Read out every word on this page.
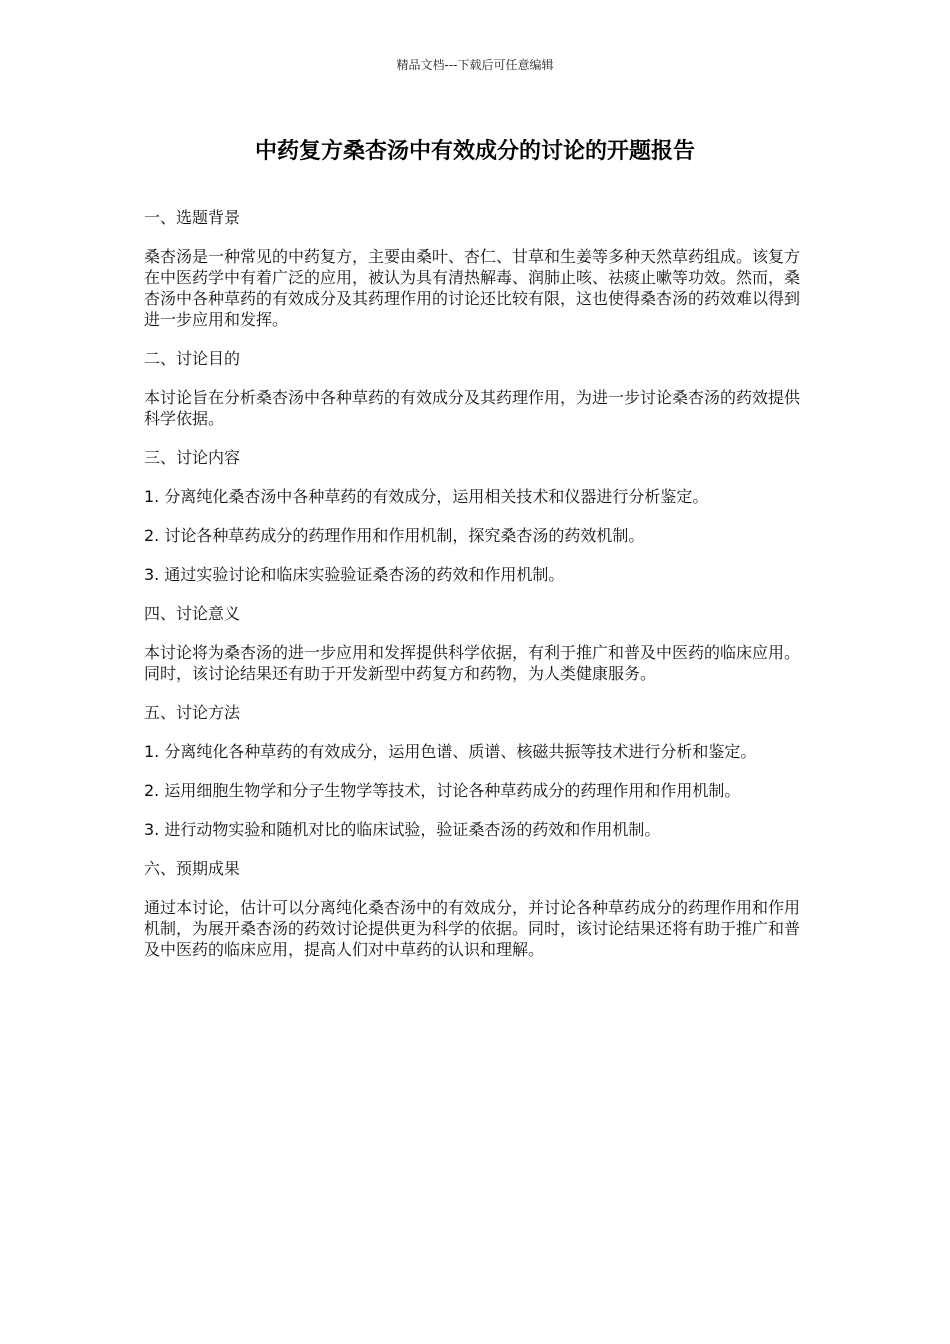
精品文档---下载后可任意编辑
中药复方桑杏汤中有效成分的讨论的开题报告

一、选题背景

桑杏汤是一种常见的中药复方，主要由桑叶、杏仁、甘草和生姜等多种天然草药组成。该复方在中医药学中有着广泛的应用，被认为具有清热解毒、润肺止咳、祛痰止嗽等功效。然而，桑杏汤中各种草药的有效成分及其药理作用的讨论还比较有限，这也使得桑杏汤的药效难以得到进一步应用和发挥。

二、讨论目的

本讨论旨在分析桑杏汤中各种草药的有效成分及其药理作用，为进一步讨论桑杏汤的药效提供科学依据。

三、讨论内容

1. 分离纯化桑杏汤中各种草药的有效成分，运用相关技术和仪器进行分析鉴定。

2. 讨论各种草药成分的药理作用和作用机制，探究桑杏汤的药效机制。

3. 通过实验讨论和临床实验验证桑杏汤的药效和作用机制。

四、讨论意义

本讨论将为桑杏汤的进一步应用和发挥提供科学依据，有利于推广和普及中医药的临床应用。同时，该讨论结果还有助于开发新型中药复方和药物，为人类健康服务。

五、讨论方法

1. 分离纯化各种草药的有效成分，运用色谱、质谱、核磁共振等技术进行分析和鉴定。

2. 运用细胞生物学和分子生物学等技术，讨论各种草药成分的药理作用和作用机制。

3. 进行动物实验和随机对比的临床试验，验证桑杏汤的药效和作用机制。

六、预期成果

通过本讨论，估计可以分离纯化桑杏汤中的有效成分，并讨论各种草药成分的药理作用和作用机制，为展开桑杏汤的药效讨论提供更为科学的依据。同时，该讨论结果还将有助于推广和普及中医药的临床应用，提高人们对中草药的认识和理解。
